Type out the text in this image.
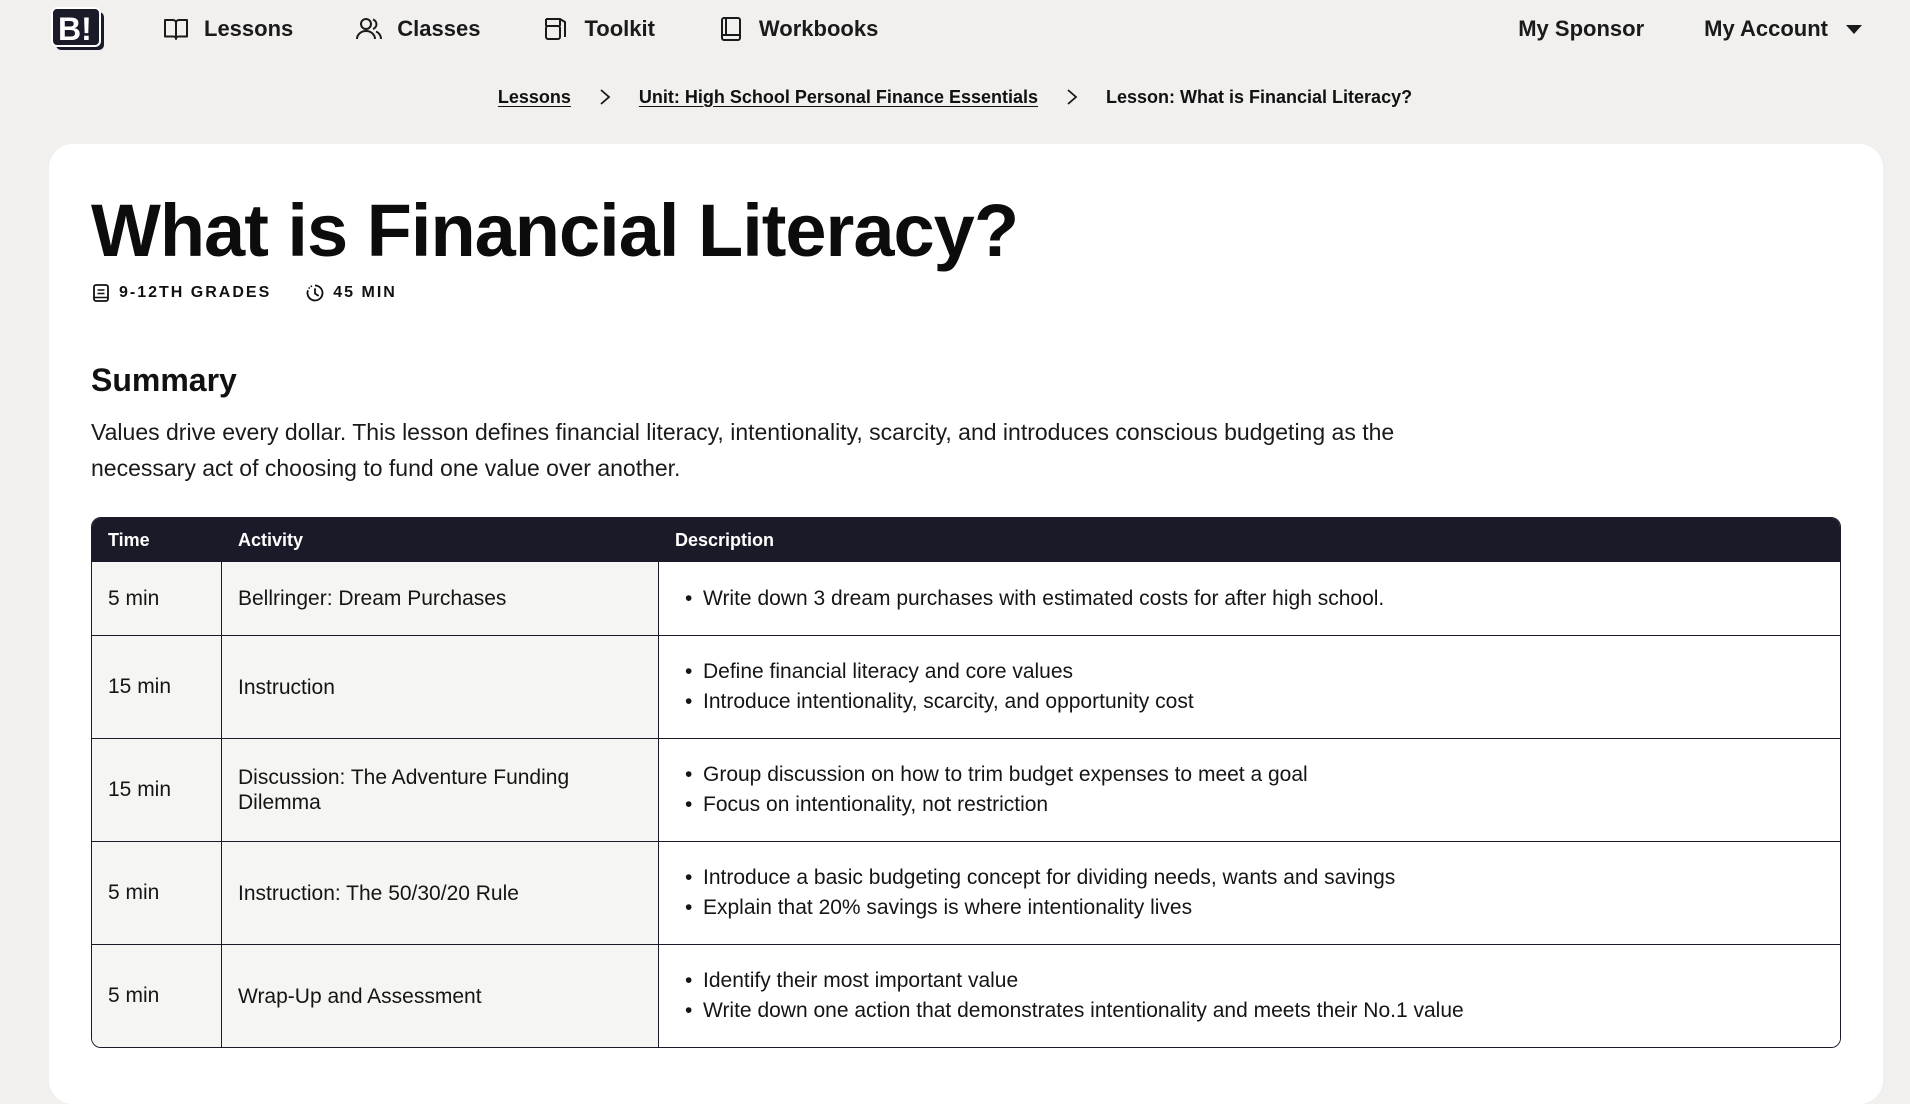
B!	Lessons	Classes	Toolkit	Workbooks	My Sponsor	My Account
Lessons	Unit: High School Personal Finance Essentials	Lesson: What is Financial Literacy?
What is Financial Literacy?
9-12TH GRADES	45 MIN
Summary

Values drive every dollar. This lesson defines financial literacy, intentionality, scarcity, and introduces conscious budgeting as the necessary act of choosing to fund one value over another.

Time	Activity	Description
5 min	Bellringer: Dream Purchases
•	Write down 3 dream purchases with estimated costs for after high school.
15 min	Instruction
• Define financial literacy and core values
• Introduce intentionality, scarcity, and opportunity cost
15 min
Discussion: The Adventure Funding Dilemma
• Group discussion on how to trim budget expenses to meet a goal
• Focus on intentionality, not restriction
5 min	Instruction: The 50/30/20 Rule
• Introduce a basic budgeting concept for dividing needs, wants and savings
• Explain that 20% savings is where intentionality lives
5 min	Wrap-Up and Assessment
• Identify their most important value
• Write down one action that demonstrates intentionality and meets their No.1 value
